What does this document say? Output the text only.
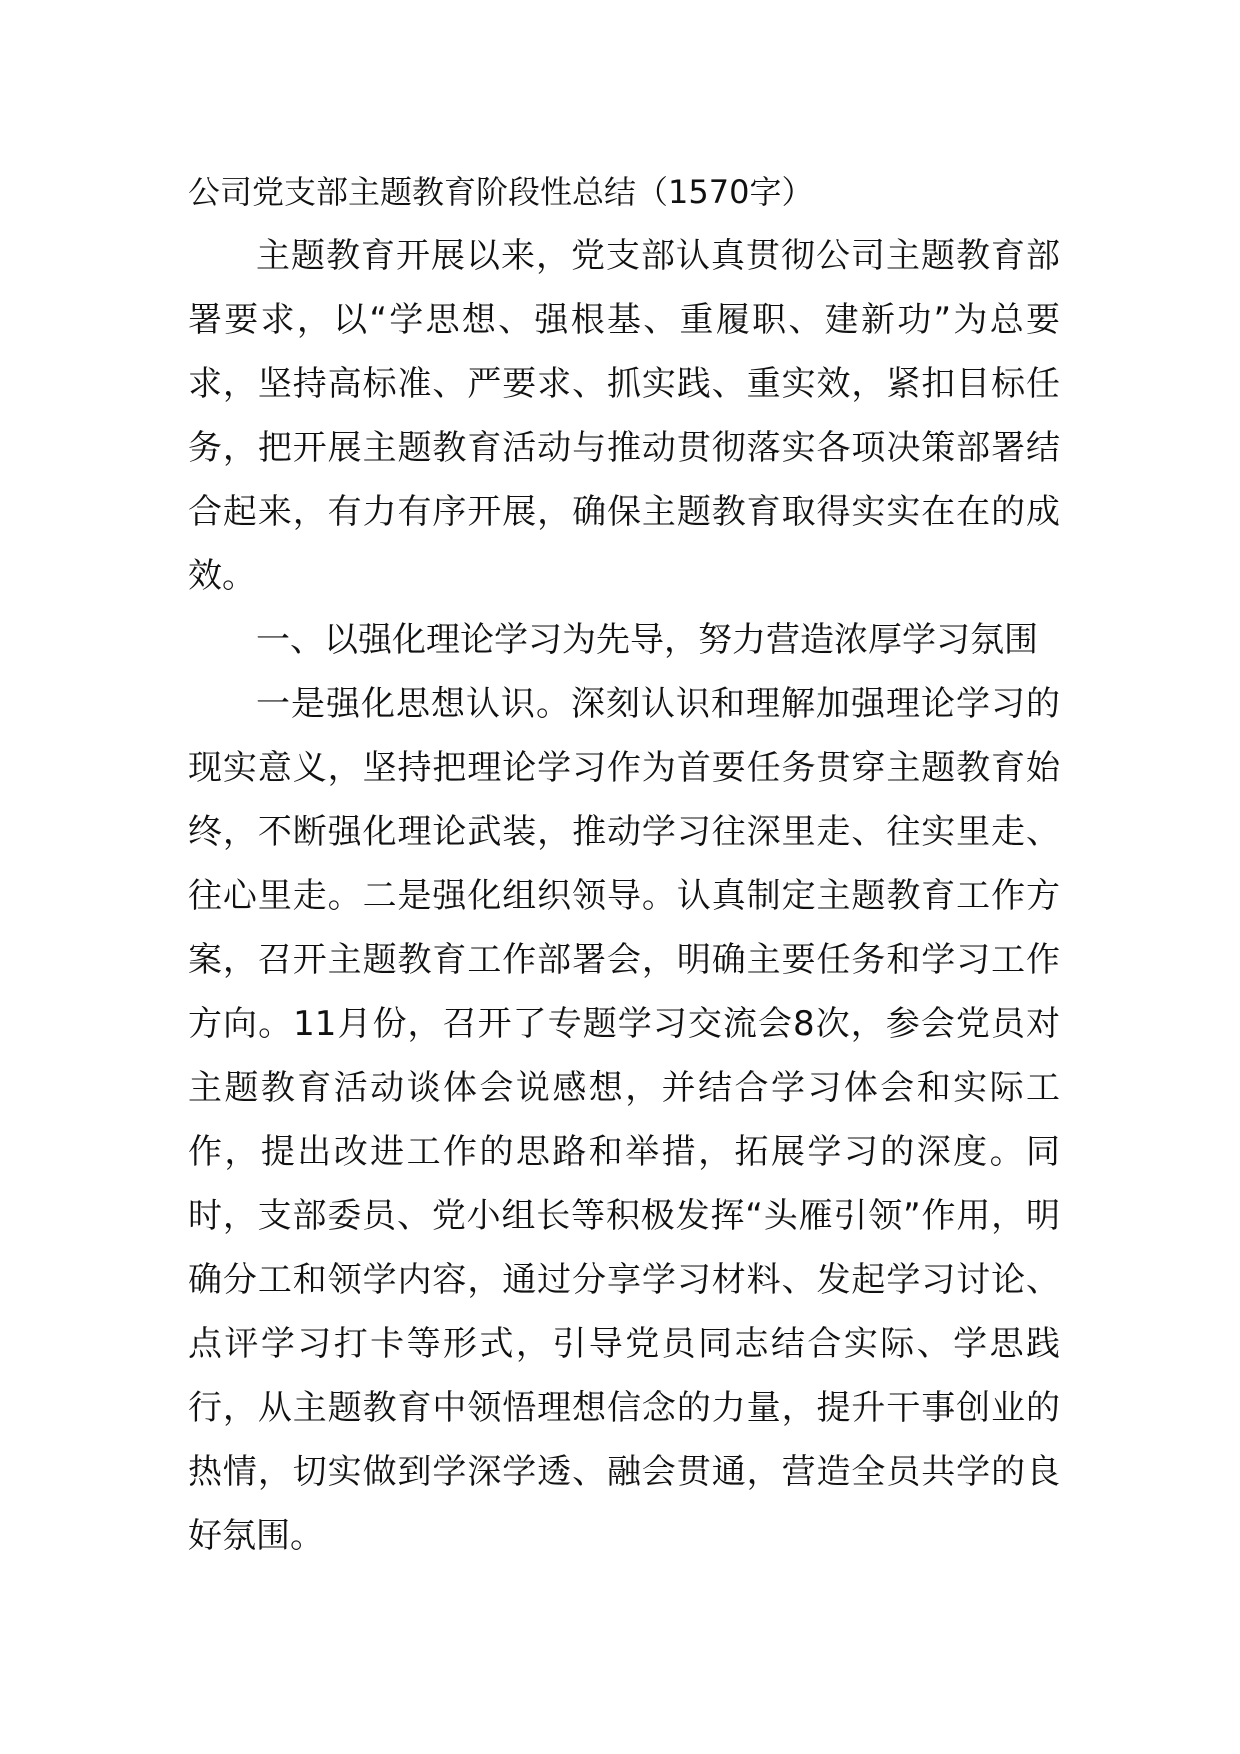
公司党支部主题教育阶段性总结（1570字）

主题教育开展以来，党支部认真贯彻公司主题教育部署要求，以“学思想、强根基、重履职、建新功”为总要求，坚持高标准、严要求、抓实践、重实效，紧扣目标任务，把开展主题教育活动与推动贯彻落实各项决策部署结合起来，有力有序开展，确保主题教育取得实实在在的成效。

一、以强化理论学习为先导，努力营造浓厚学习氛围

一是强化思想认识。深刻认识和理解加强理论学习的现实意义，坚持把理论学习作为首要任务贯穿主题教育始终，不断强化理论武装，推动学习往深里走、往实里走、往心里走。二是强化组织领导。认真制定主题教育工作方案，召开主题教育工作部署会，明确主要任务和学习工作方向。11月份，召开了专题学习交流会8次，参会党员对主题教育活动谈体会说感想，并结合学习体会和实际工作，提出改进工作的思路和举措，拓展学习的深度。同时，支部委员、党小组长等积极发挥“头雁引领”作用，明确分工和领学内容，通过分享学习材料、发起学习讨论、点评学习打卡等形式，引导党员同志结合实际、学思践行，从主题教育中领悟理想信念的力量，提升干事创业的热情，切实做到学深学透、融会贯通，营造全员共学的良好氛围。
